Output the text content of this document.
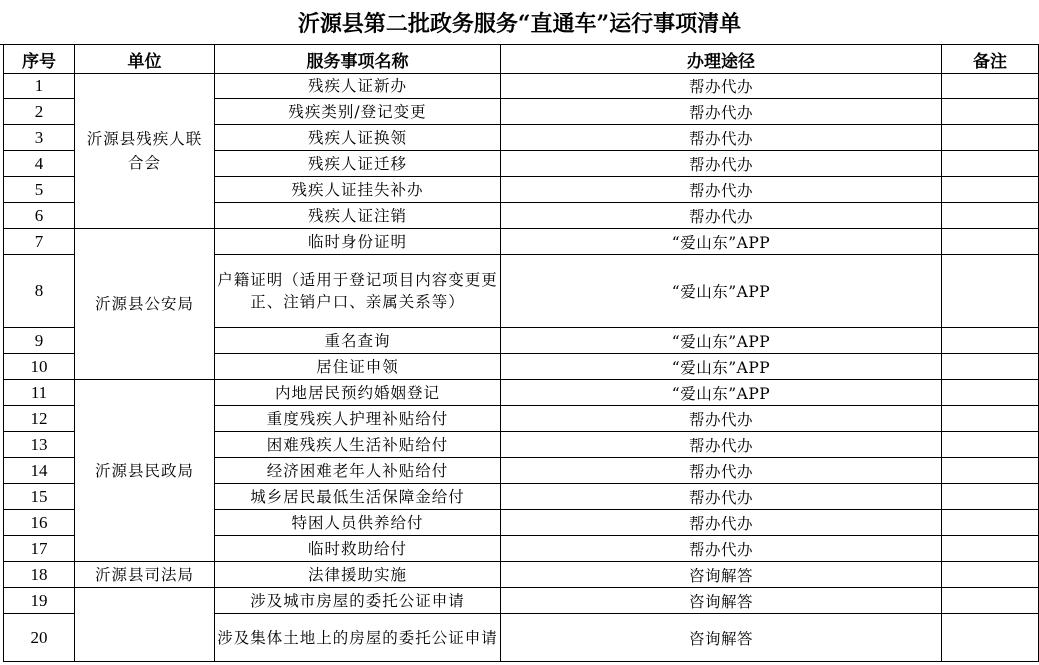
沂源县第二批政务服务“直通车”运行事项清单
序号	单位	服务事项名称	办理途径	备注
1	沂源县残疾人联合会	残疾人证新办	帮办代办	
2		残疾类别/登记变更	帮办代办	
3		残疾人证换领	帮办代办	
4		残疾人证迁移	帮办代办	
5		残疾人证挂失补办	帮办代办	
6		残疾人证注销	帮办代办	
7	沂源县公安局	临时身份证明	“爱山东”APP	
8		户籍证明（适用于登记项目内容变更更正、注销户口、亲属关系等）	“爱山东”APP	
9		重名查询	“爱山东”APP	
10		居住证申领	“爱山东”APP	
11	沂源县民政局	内地居民预约婚姻登记	“爱山东”APP	
12		重度残疾人护理补贴给付	帮办代办	
13		困难残疾人生活补贴给付	帮办代办	
14		经济困难老年人补贴给付	帮办代办	
15		城乡居民最低生活保障金给付	帮办代办	
16		特困人员供养给付	帮办代办	
17		临时救助给付	帮办代办	
18	沂源县司法局	法律援助实施	咨询解答	
19		涉及城市房屋的委托公证申请	咨询解答	
20		涉及集体土地上的房屋的委托公证申请	咨询解答	
